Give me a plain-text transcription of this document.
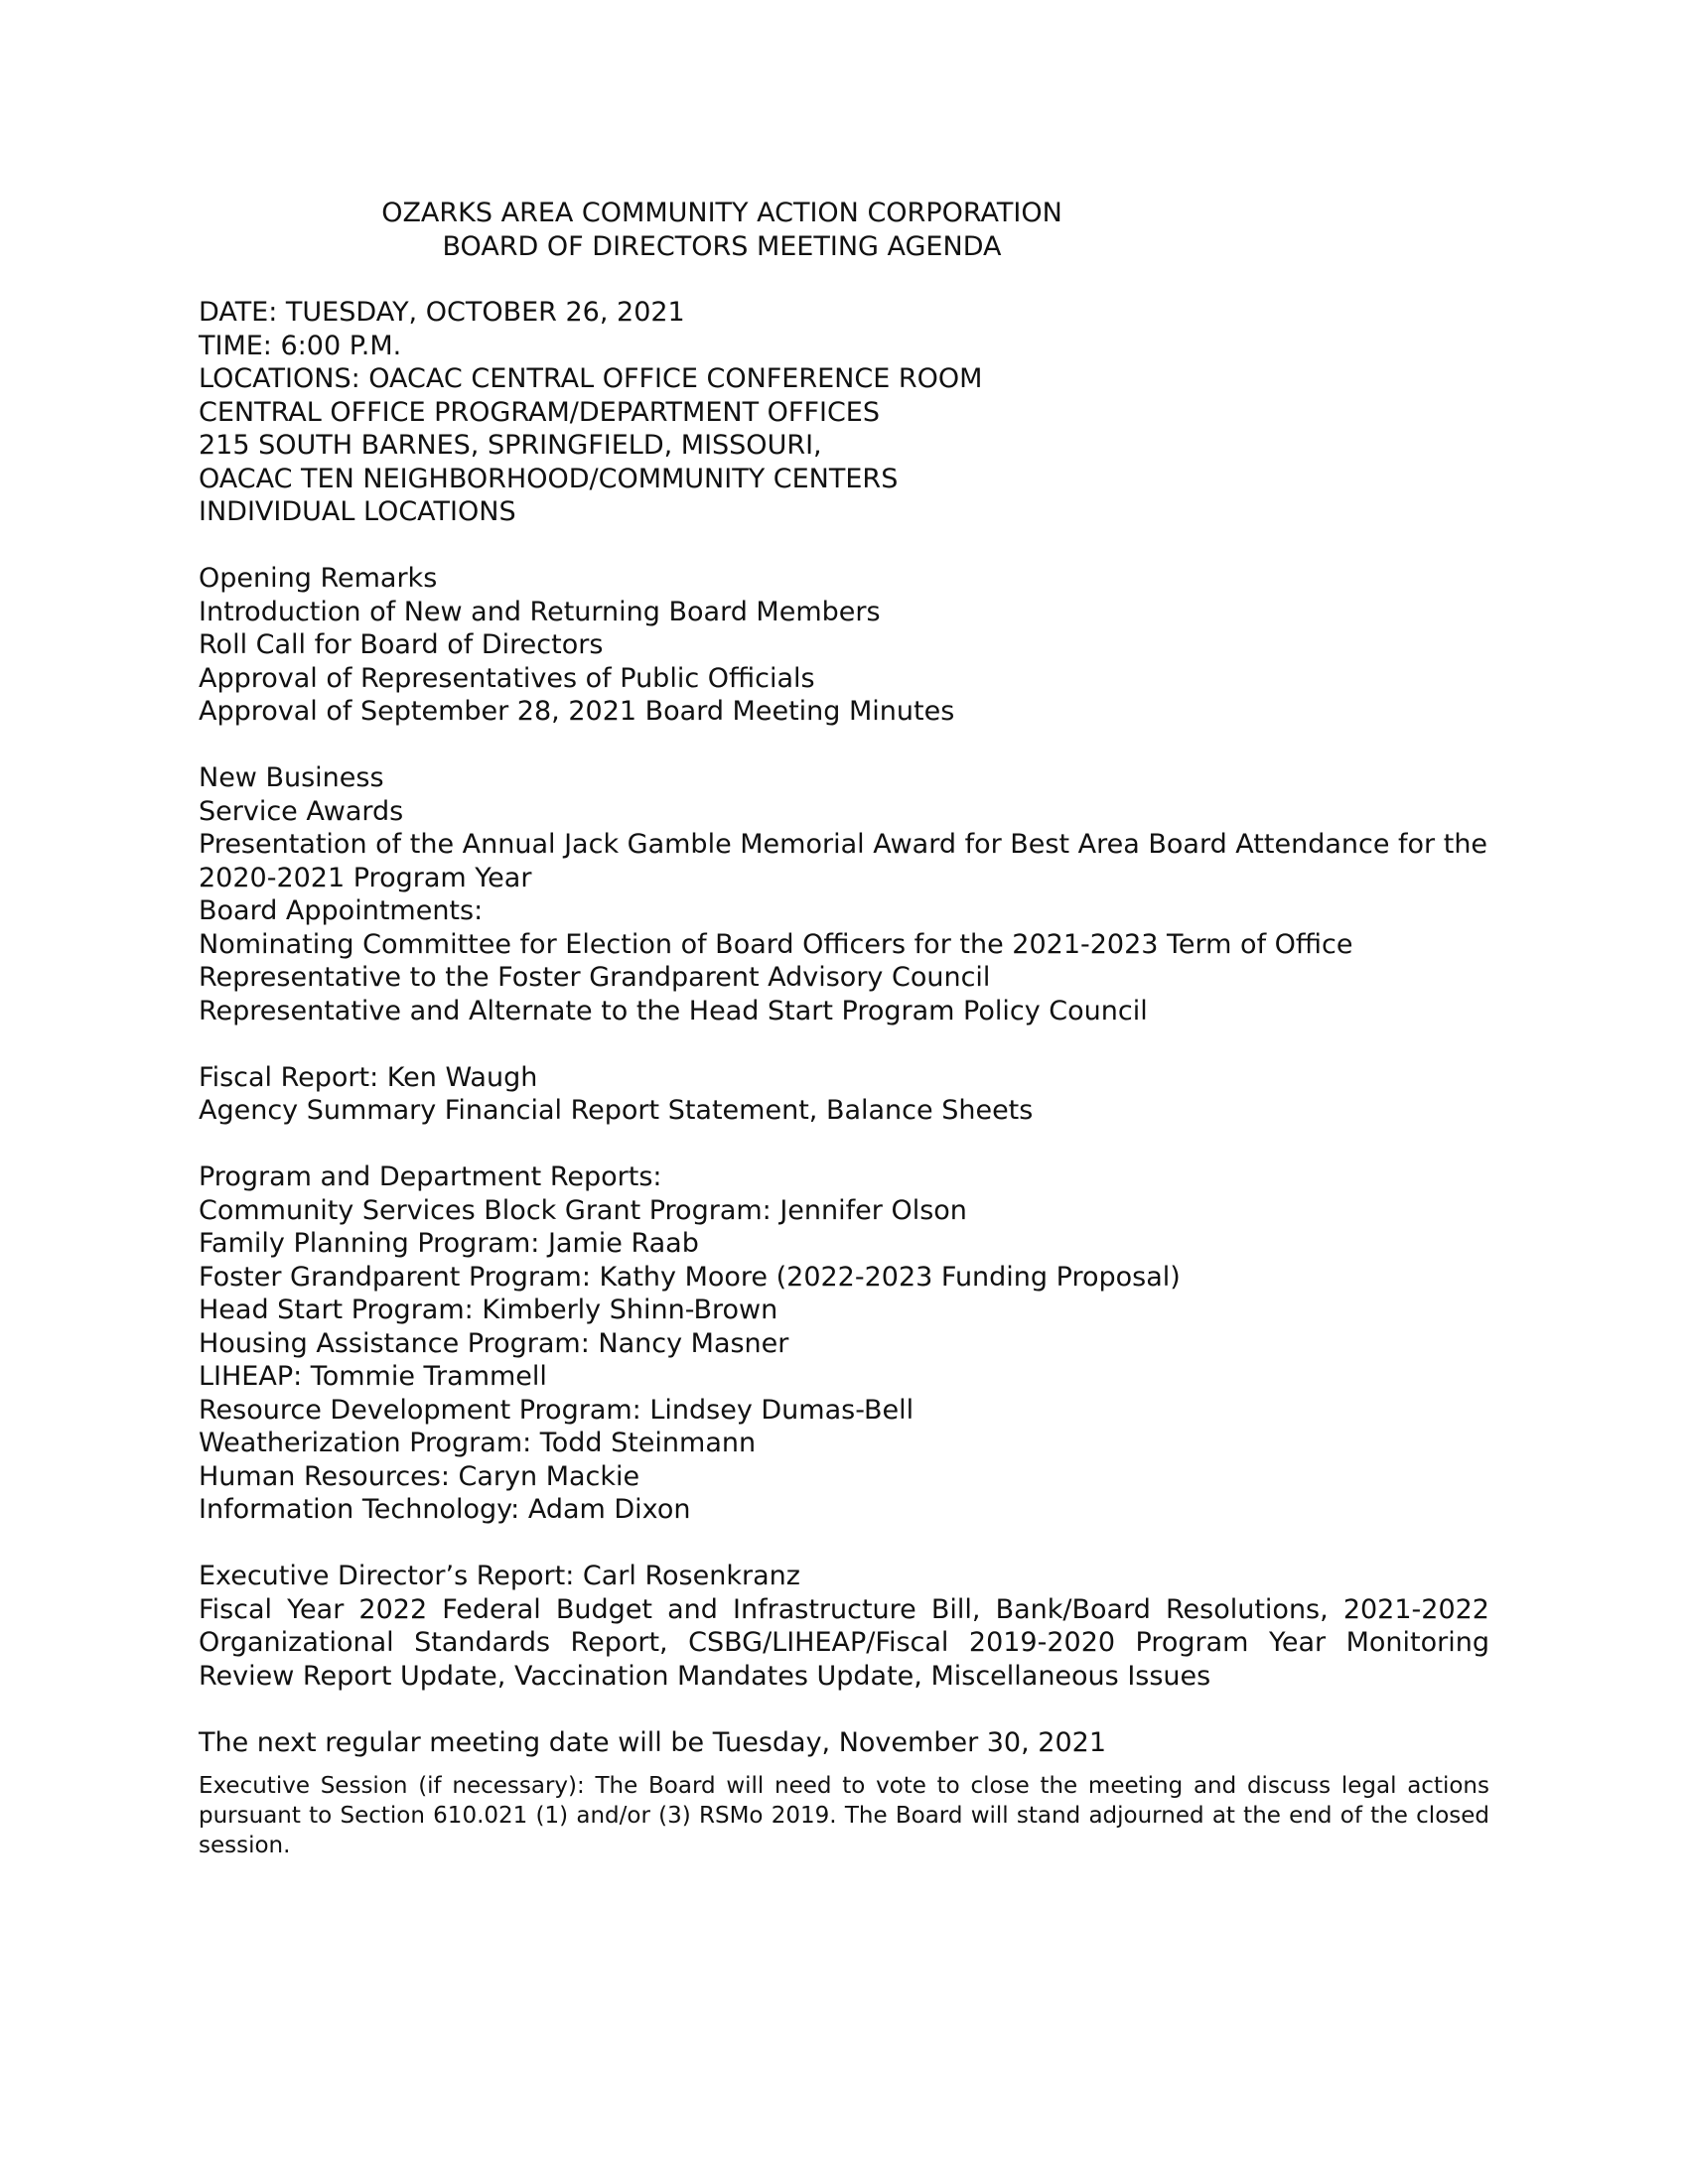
OZARKS AREA COMMUNITY ACTION CORPORATION
BOARD OF DIRECTORS MEETING AGENDA
DATE: TUESDAY, OCTOBER 26, 2021
TIME: 6:00 P.M.
LOCATIONS: OACAC CENTRAL OFFICE CONFERENCE ROOM
CENTRAL OFFICE PROGRAM/DEPARTMENT OFFICES
215 SOUTH BARNES, SPRINGFIELD, MISSOURI,
OACAC TEN NEIGHBORHOOD/COMMUNITY CENTERS
INDIVIDUAL LOCATIONS
Opening Remarks
Introduction of New and Returning Board Members
Roll Call for Board of Directors
Approval of Representatives of Public Officials
Approval of September 28, 2021 Board Meeting Minutes
New Business
Service Awards
Presentation of the Annual Jack Gamble Memorial Award for Best Area Board Attendance for the 2020-2021 Program Year
Board Appointments:
Nominating Committee for Election of Board Officers for the 2021-2023 Term of Office
Representative to the Foster Grandparent Advisory Council
Representative and Alternate to the Head Start Program Policy Council
Fiscal Report: Ken Waugh
Agency Summary Financial Report Statement, Balance Sheets
Program and Department Reports:
Community Services Block Grant Program: Jennifer Olson
Family Planning Program: Jamie Raab
Foster Grandparent Program: Kathy Moore (2022-2023 Funding Proposal)
Head Start Program: Kimberly Shinn-Brown
Housing Assistance Program: Nancy Masner
LIHEAP: Tommie Trammell
Resource Development Program: Lindsey Dumas-Bell
Weatherization Program: Todd Steinmann
Human Resources: Caryn Mackie
Information Technology: Adam Dixon
Executive Director’s Report: Carl Rosenkranz
Fiscal Year 2022 Federal Budget and Infrastructure Bill, Bank/Board Resolutions, 2021-2022 Organizational Standards Report, CSBG/LIHEAP/Fiscal 2019-2020 Program Year Monitoring Review Report Update, Vaccination Mandates Update, Miscellaneous Issues
The next regular meeting date will be Tuesday, November 30, 2021
Executive Session (if necessary): The Board will need to vote to close the meeting and discuss legal actions pursuant to Section 610.021 (1) and/or (3) RSMo 2019. The Board will stand adjourned at the end of the closed session.
